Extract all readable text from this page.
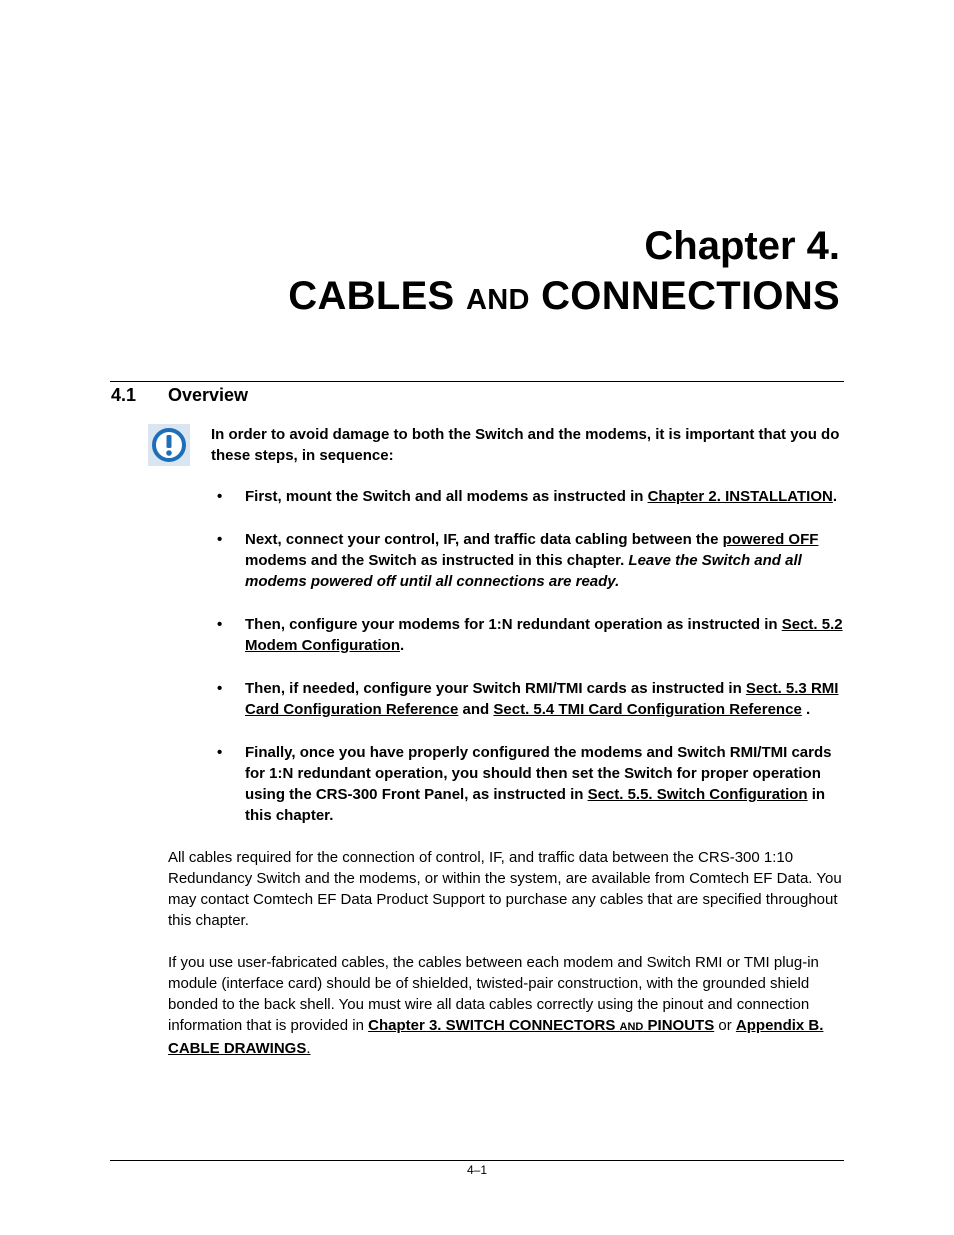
Chapter 4.
CABLES AND CONNECTIONS
4.1 Overview
In order to avoid damage to both the Switch and the modems, it is important that you do these steps, in sequence:
• First, mount the Switch and all modems as instructed in Chapter 2. INSTALLATION.
• Next, connect your control, IF, and traffic data cabling between the powered OFF modems and the Switch as instructed in this chapter. Leave the Switch and all modems powered off until all connections are ready.
• Then, configure your modems for 1:N redundant operation as instructed in Sect. 5.2 Modem Configuration.
• Then, if needed, configure your Switch RMI/TMI cards as instructed in Sect. 5.3 RMI Card Configuration Reference and Sect. 5.4 TMI Card Configuration Reference .
• Finally, once you have properly configured the modems and Switch RMI/TMI cards for 1:N redundant operation, you should then set the Switch for proper operation using the CRS-300 Front Panel, as instructed in Sect. 5.5. Switch Configuration in this chapter.
All cables required for the connection of control, IF, and traffic data between the CRS-300 1:10 Redundancy Switch and the modems, or within the system, are available from Comtech EF Data. You may contact Comtech EF Data Product Support to purchase any cables that are specified throughout this chapter.
If you use user-fabricated cables, the cables between each modem and Switch RMI or TMI plug-in module (interface card) should be of shielded, twisted-pair construction, with the grounded shield bonded to the back shell. You must wire all data cables correctly using the pinout and connection information that is provided in Chapter 3. SWITCH CONNECTORS AND PINOUTS or Appendix B. CABLE DRAWINGS.
4–1
